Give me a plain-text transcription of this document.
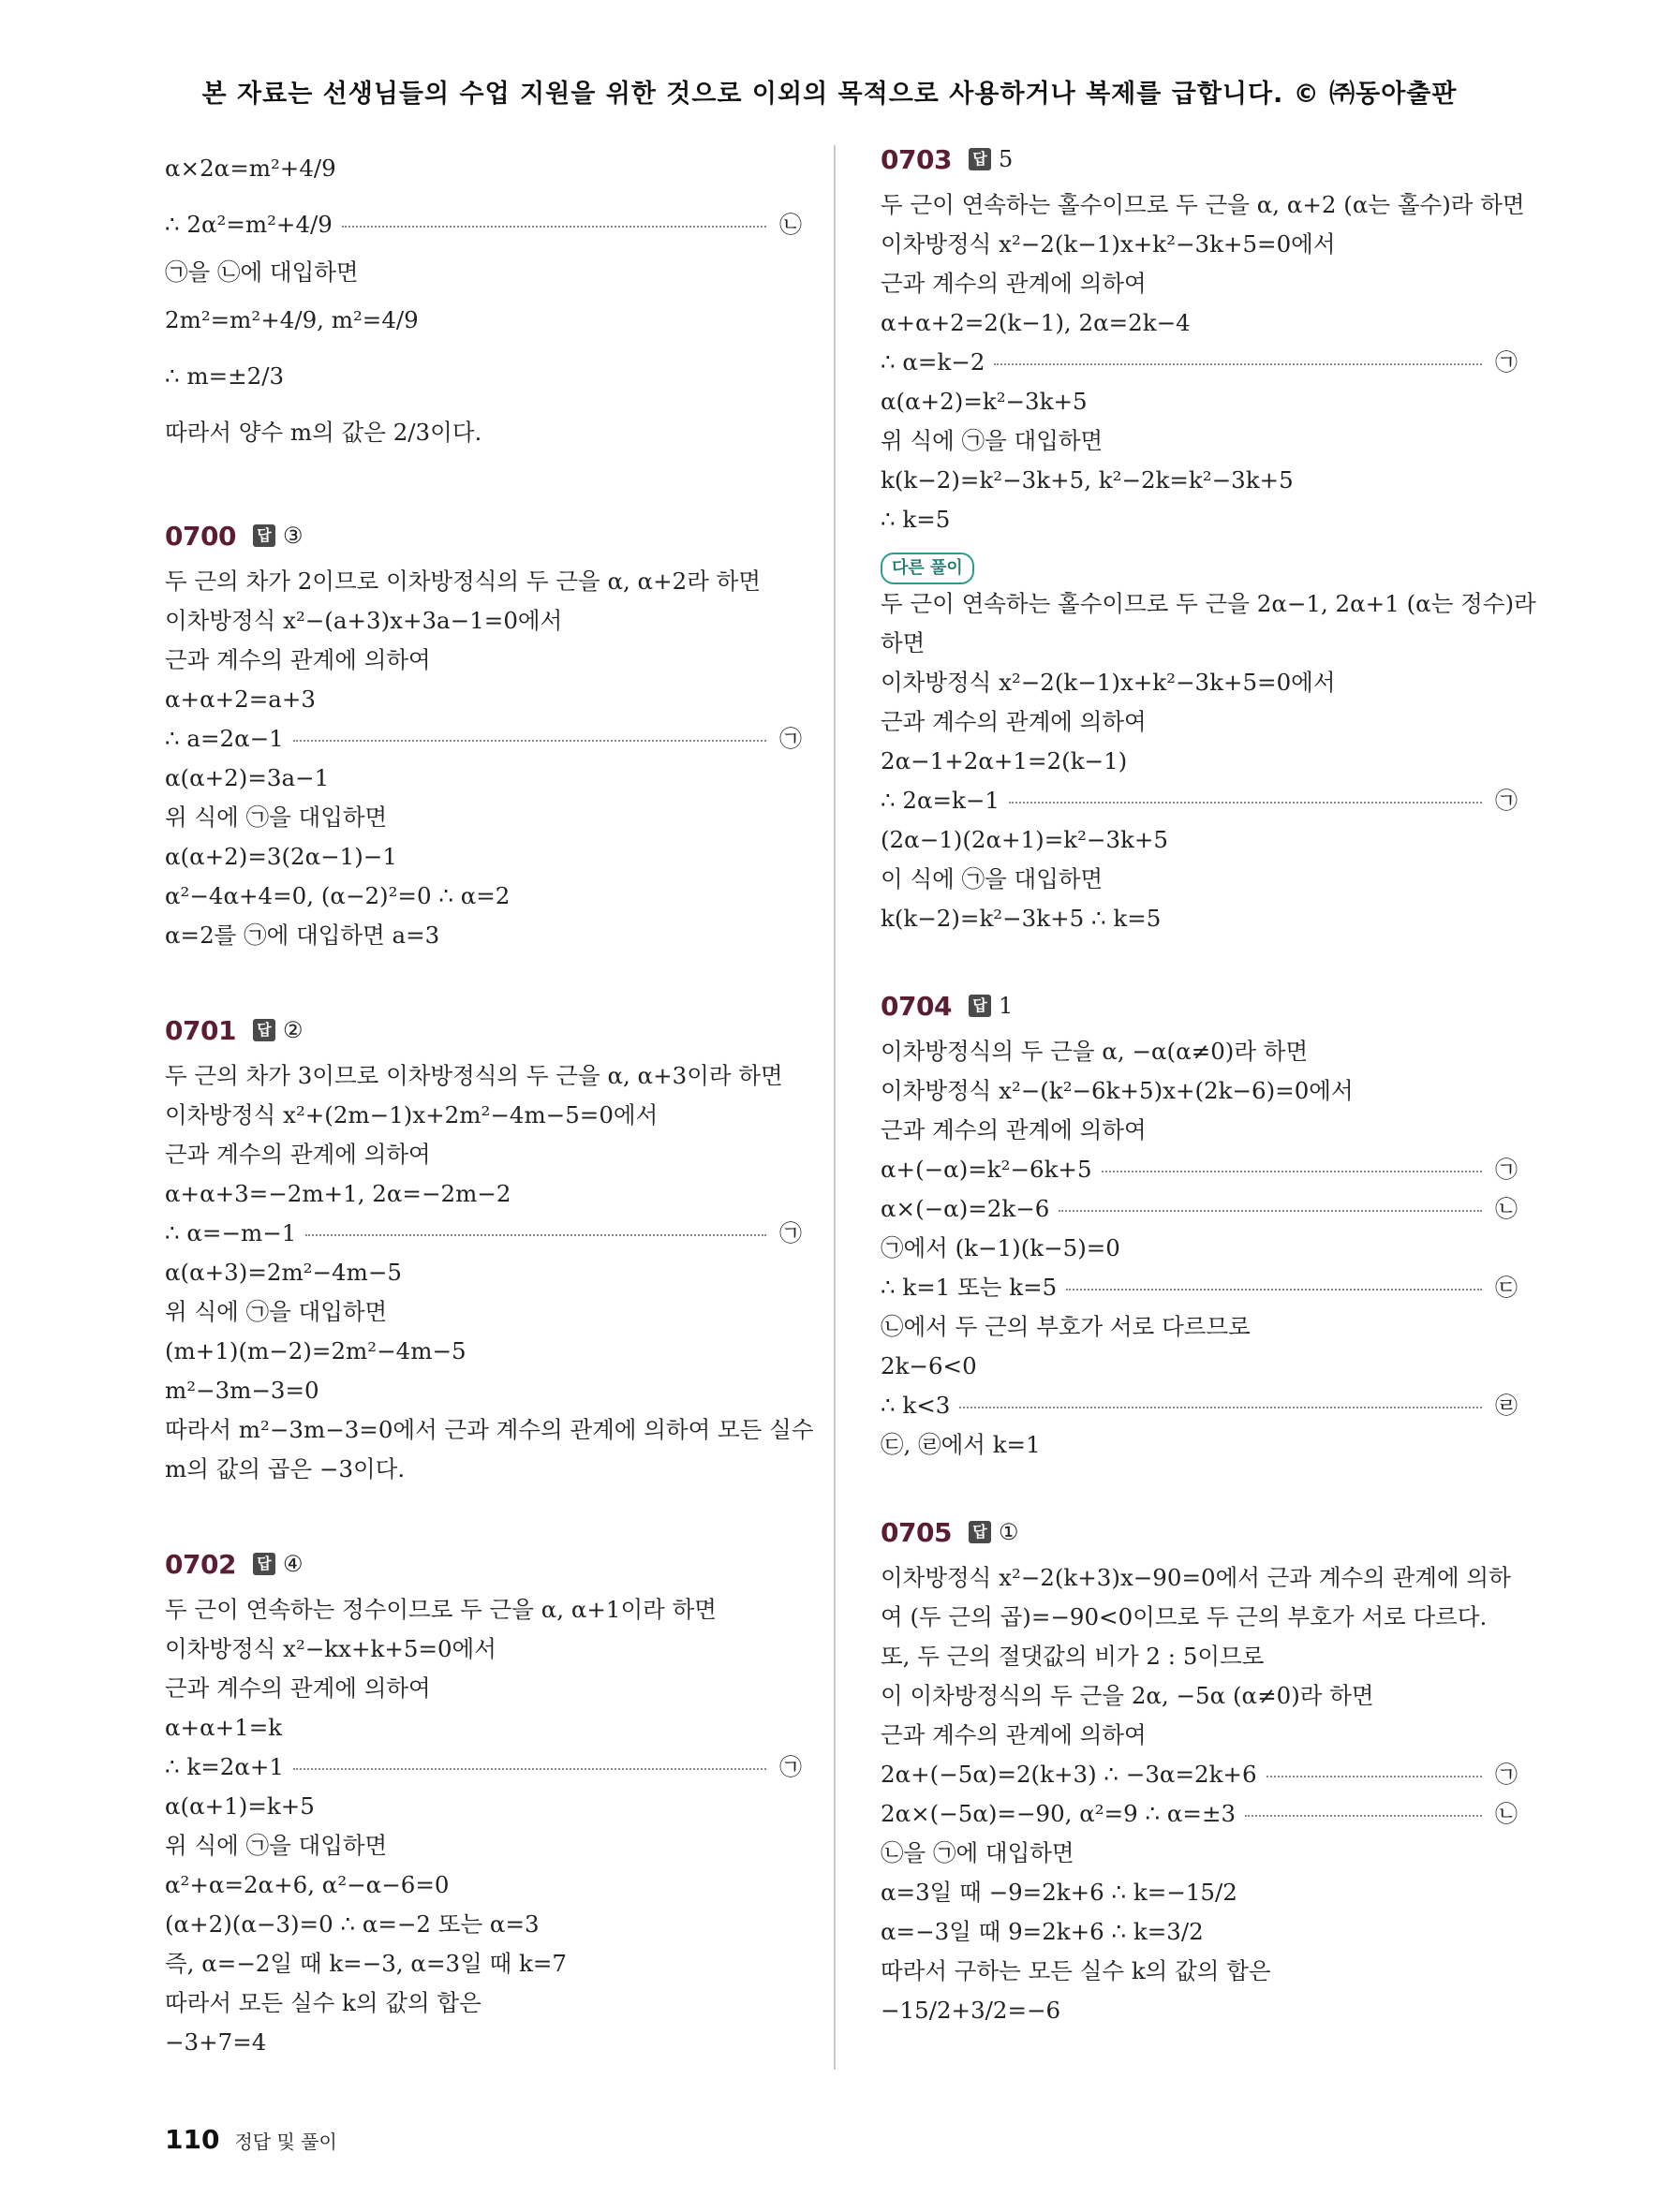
본 자료는 선생님들의 수업 지원을 위한 것으로 이외의 목적으로 사용하거나 복제를 급합니다. © ㈜동아출판
α×2α=m²+4/9
∴ 2α²=m²+4/9	㉡
㉠을 ㉡에 대입하면
2m²=m²+4/9, m²=4/9
∴ m=±2/3
따라서 양수 m의 값은 2/3이다.
0700 답 ③
두 근의 차가 2이므로 이차방정식의 두 근을 α, α+2라 하면
이차방정식 x²−(a+3)x+3a−1=0에서
근과 계수의 관계에 의하여
α+α+2=a+3
∴ a=2α−1	㉠
α(α+2)=3a−1
위 식에 ㉠을 대입하면
α(α+2)=3(2α−1)−1
α²−4α+4=0, (α−2)²=0 ∴ α=2
α=2를 ㉠에 대입하면 a=3
0701 답 ②
두 근의 차가 3이므로 이차방정식의 두 근을 α, α+3이라 하면
이차방정식 x²+(2m−1)x+2m²−4m−5=0에서
근과 계수의 관계에 의하여
α+α+3=−2m+1, 2α=−2m−2
∴ α=−m−1	㉠
α(α+3)=2m²−4m−5
위 식에 ㉠을 대입하면
(m+1)(m−2)=2m²−4m−5
m²−3m−3=0
따라서 m²−3m−3=0에서 근과 계수의 관계에 의하여 모든 실수
m의 값의 곱은 −3이다.
0702 답 ④
두 근이 연속하는 정수이므로 두 근을 α, α+1이라 하면
이차방정식 x²−kx+k+5=0에서
근과 계수의 관계에 의하여
α+α+1=k
∴ k=2α+1	㉠
α(α+1)=k+5
위 식에 ㉠을 대입하면
α²+α=2α+6, α²−α−6=0
(α+2)(α−3)=0 ∴ α=−2 또는 α=3
즉, α=−2일 때 k=−3, α=3일 때 k=7
따라서 모든 실수 k의 값의 합은
−3+7=4
0703 답 5
두 근이 연속하는 홀수이므로 두 근을 α, α+2 (α는 홀수)라 하면
이차방정식 x²−2(k−1)x+k²−3k+5=0에서
근과 계수의 관계에 의하여
α+α+2=2(k−1), 2α=2k−4
∴ α=k−2	㉠
α(α+2)=k²−3k+5
위 식에 ㉠을 대입하면
k(k−2)=k²−3k+5, k²−2k=k²−3k+5
∴ k=5
다른 풀이
두 근이 연속하는 홀수이므로 두 근을 2α−1, 2α+1 (α는 정수)라
하면
이차방정식 x²−2(k−1)x+k²−3k+5=0에서
근과 계수의 관계에 의하여
2α−1+2α+1=2(k−1)
∴ 2α=k−1	㉠
(2α−1)(2α+1)=k²−3k+5
이 식에 ㉠을 대입하면
k(k−2)=k²−3k+5 ∴ k=5
0704 답 1
이차방정식의 두 근을 α, −α(α≠0)라 하면
이차방정식 x²−(k²−6k+5)x+(2k−6)=0에서
근과 계수의 관계에 의하여
α+(−α)=k²−6k+5	㉠
α×(−α)=2k−6	㉡
㉠에서 (k−1)(k−5)=0
∴ k=1 또는 k=5	㉢
㉡에서 두 근의 부호가 서로 다르므로
2k−6<0
∴ k<3	㉣
㉢, ㉣에서 k=1
0705 답 ①
이차방정식 x²−2(k+3)x−90=0에서 근과 계수의 관계에 의하
여 (두 근의 곱)=−90<0이므로 두 근의 부호가 서로 다르다.
또, 두 근의 절댓값의 비가 2 : 5이므로
이 이차방정식의 두 근을 2α, −5α (α≠0)라 하면
근과 계수의 관계에 의하여
2α+(−5α)=2(k+3) ∴ −3α=2k+6	㉠
2α×(−5α)=−90, α²=9 ∴ α=±3	㉡
㉡을 ㉠에 대입하면
α=3일 때 −9=2k+6 ∴ k=−15/2
α=−3일 때 9=2k+6 ∴ k=3/2
따라서 구하는 모든 실수 k의 값의 합은
−15/2+3/2=−6
110 정답 및 풀이
